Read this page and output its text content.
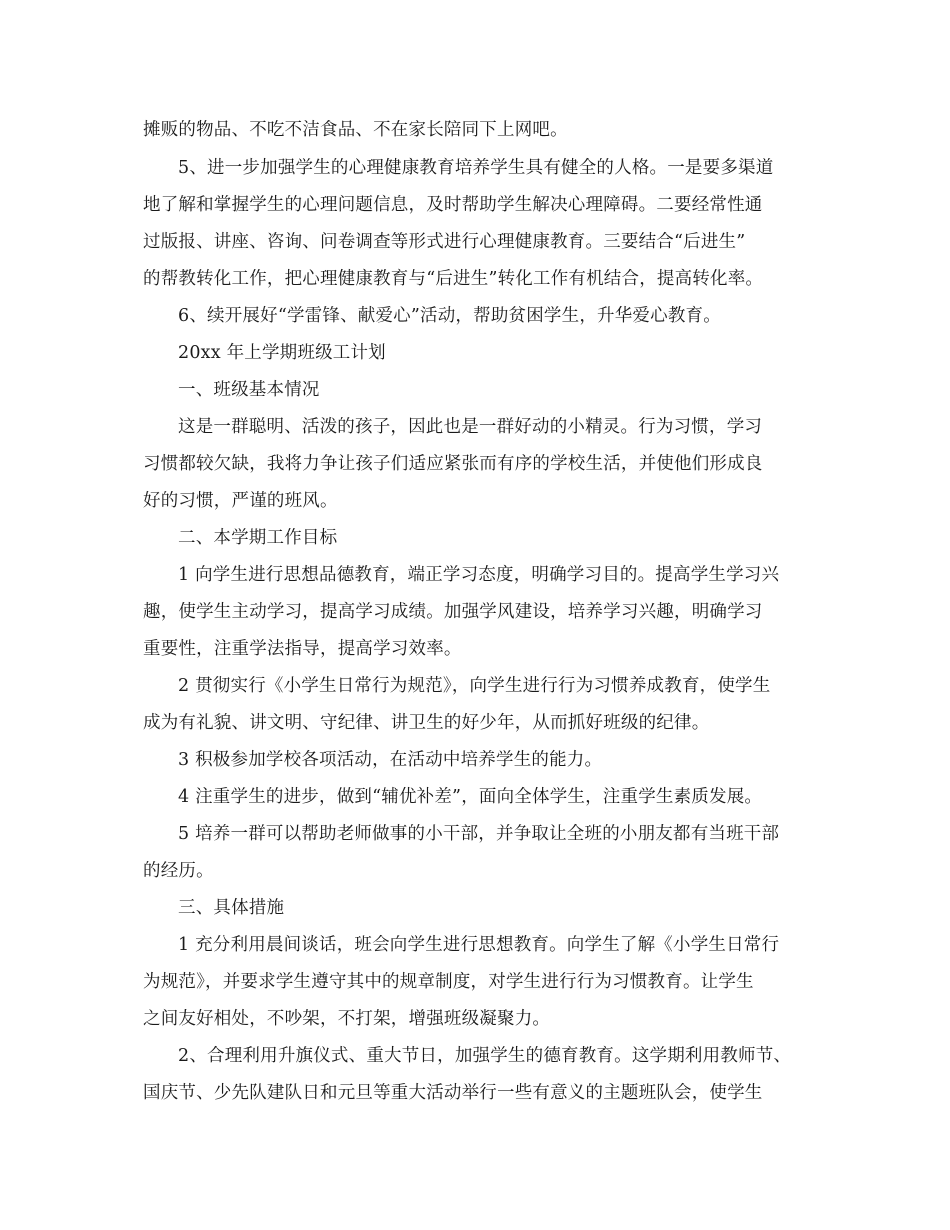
摊贩的物品、不吃不洁食品、不在家长陪同下上网吧。

5、进一步加强学生的心理健康教育培养学生具有健全的人格。一是要多渠道

地了解和掌握学生的心理问题信息，及时帮助学生解决心理障碍。二要经常性通

过版报、讲座、咨询、问卷调查等形式进行心理健康教育。三要结合“后进生”

的帮教转化工作，把心理健康教育与“后进生”转化工作有机结合，提高转化率。

6、续开展好“学雷锋、献爱心”活动，帮助贫困学生，升华爱心教育。

20xx 年上学期班级工计划

一、班级基本情况

这是一群聪明、活泼的孩子，因此也是一群好动的小精灵。行为习惯，学习

习惯都较欠缺，我将力争让孩子们适应紧张而有序的学校生活，并使他们形成良

好的习惯，严谨的班风。

二、本学期工作目标

1 向学生进行思想品德教育，端正学习态度，明确学习目的。提高学生学习兴

趣，使学生主动学习，提高学习成绩。加强学风建设，培养学习兴趣，明确学习

重要性，注重学法指导，提高学习效率。

2 贯彻实行《小学生日常行为规范》，向学生进行行为习惯养成教育，使学生

成为有礼貌、讲文明、守纪律、讲卫生的好少年，从而抓好班级的纪律。

3 积极参加学校各项活动，在活动中培养学生的能力。

4 注重学生的进步，做到“辅优补差”，面向全体学生，注重学生素质发展。

5 培养一群可以帮助老师做事的小干部，并争取让全班的小朋友都有当班干部

的经历。

三、具体措施

1 充分利用晨间谈话，班会向学生进行思想教育。向学生了解《小学生日常行

为规范》，并要求学生遵守其中的规章制度，对学生进行行为习惯教育。让学生

之间友好相处，不吵架，不打架，增强班级凝聚力。

2、合理利用升旗仪式、重大节日，加强学生的德育教育。这学期利用教师节、

国庆节、少先队建队日和元旦等重大活动举行一些有意义的主题班队会，使学生
